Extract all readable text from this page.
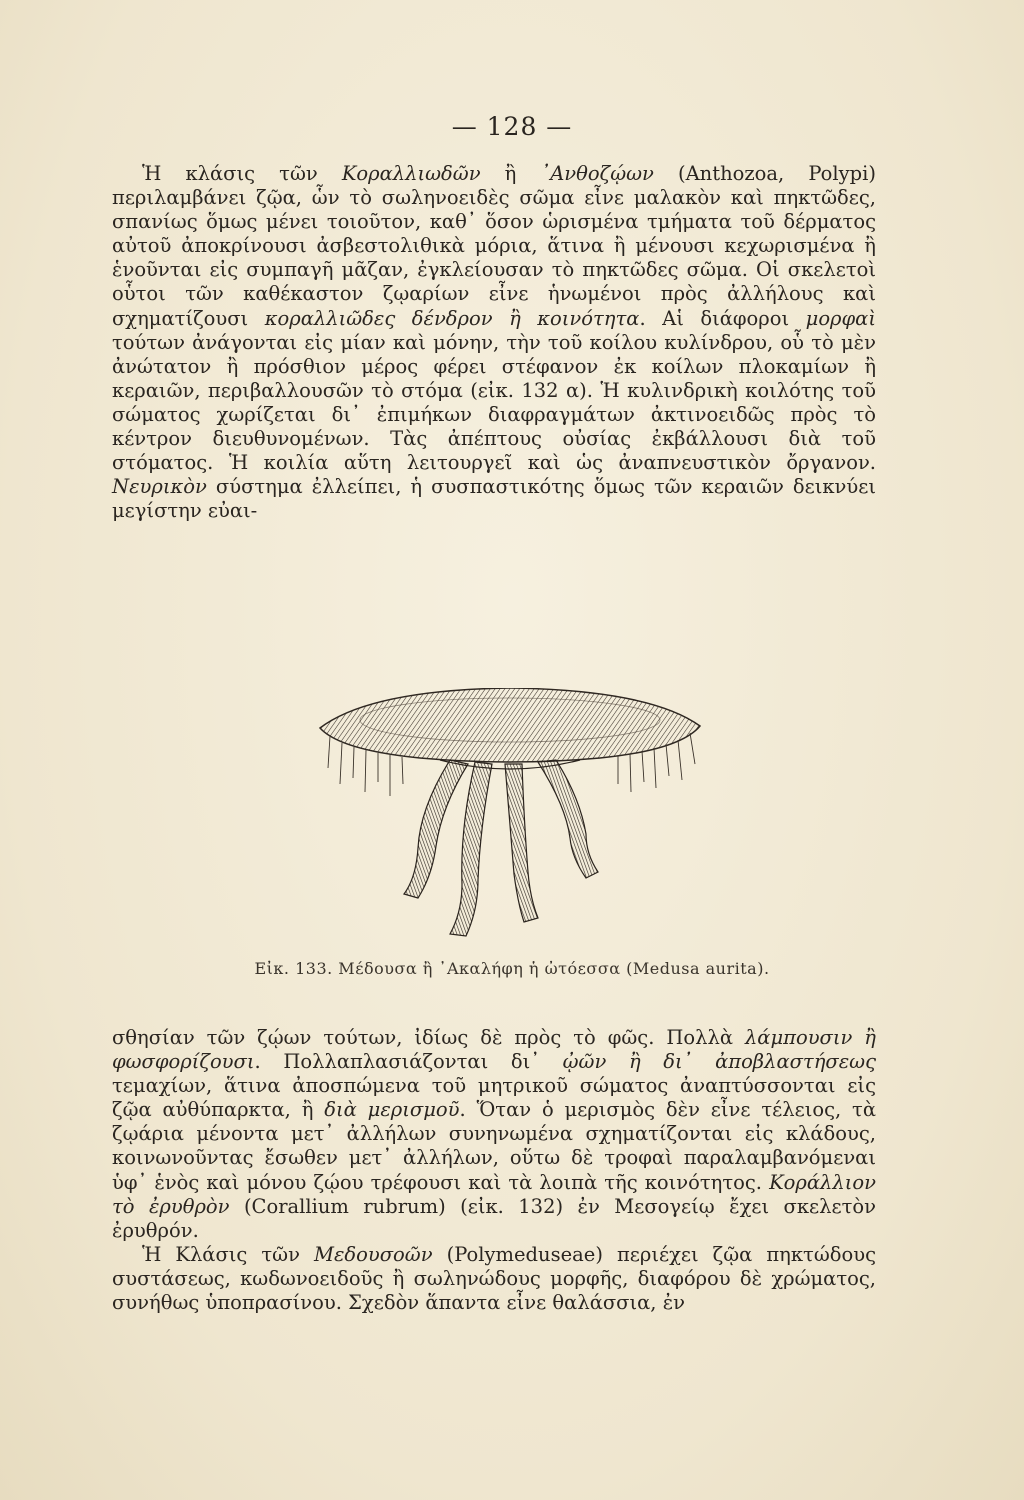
— 128 —

Ἡ κλάσις τῶν Κοραλλιωδῶν ἢ ᾿Ανθοζῴων (Anthozoa, Polypi) περιλαμβάνει ζῷα, ὧν τὸ σωληνοειδὲς σῶμα εἶνε μαλακὸν καὶ πηκτῶδες, σπανίως ὅμως μένει τοιοῦτον, καθ᾿ ὅσον ὡρισμένα τμήματα τοῦ δέρματος αὐτοῦ ἀποκρίνουσι ἀσβεστολιθικὰ μόρια, ἅτινα ἢ μένουσι κεχωρισμένα ἢ ἑνοῦνται εἰς συμπαγῆ μᾶζαν, ἐγκλείουσαν τὸ πηκτῶδες σῶμα. Οἱ σκελετοὶ οὗτοι τῶν καθέκαστον ζῳαρίων εἶνε ἡνωμένοι πρὸς ἀλλήλους καὶ σχηματίζουσι κοραλλιῶδες δένδρον ἢ κοινότητα. Αἱ διάφοροι μορφαὶ τούτων ἀνάγονται εἰς μίαν καὶ μόνην, τὴν τοῦ κοίλου κυλίνδρου, οὗ τὸ μὲν ἀνώτατον ἢ πρόσθιον μέρος φέρει στέφανον ἐκ κοίλων πλοκαμίων ἢ κεραιῶν, περιβαλλουσῶν τὸ στόμα (εἰκ. 132 α). Ἡ κυλινδρικὴ κοιλότης τοῦ σώματος χωρίζεται δι᾿ ἐπιμήκων διαφραγμάτων ἀκτινοειδῶς πρὸς τὸ κέντρον διευθυνομένων. Τὰς ἀπέπτους οὐσίας ἐκβάλλουσι διὰ τοῦ στόματος. Ἡ κοιλία αὕτη λειτουργεῖ καὶ ὡς ἀναπνευστικὸν ὄργανον. Νευρικὸν σύστημα ἐλλείπει, ἡ συσπαστικότης ὅμως τῶν κεραιῶν δεικνύει μεγίστην εὐαι-

Εἰκ. 133. Μέδουσα ἢ ᾿Ακαλήφη ἡ ὠτόεσσα (Medusa aurita).

σθησίαν τῶν ζῴων τούτων, ἰδίως δὲ πρὸς τὸ φῶς. Πολλὰ λάμπουσιν ἢ φωσφορίζουσι. Πολλαπλασιάζονται δι᾿ ᾠῶν ἢ δι᾿ ἀποβλαστήσεως τεμαχίων, ἅτινα ἀποσπώμενα τοῦ μητρικοῦ σώματος ἀναπτύσσονται εἰς ζῷα αὐθύπαρκτα, ἢ διὰ μερισμοῦ. Ὅταν ὁ μερισμὸς δὲν εἶνε τέλειος, τὰ ζῳάρια μένοντα μετ᾿ ἀλλήλων συνηνωμένα σχηματίζονται εἰς κλάδους, κοινωνοῦντας ἔσωθεν μετ᾿ ἀλλήλων, οὕτω δὲ τροφαὶ παραλαμβανόμεναι ὑφ᾿ ἑνὸς καὶ μόνου ζῴου τρέφουσι καὶ τὰ λοιπὰ τῆς κοινότητος. Κοράλλιον τὸ ἐρυθρὸν (Corallium rubrum) (εἰκ. 132) ἐν Μεσογείῳ ἔχει σκελετὸν ἐρυθρόν.

Ἡ Κλάσις τῶν Μεδουσοῶν (Polymeduseae) περιέχει ζῷα πηκτώδους συστάσεως, κωδωνοειδοῦς ἢ σωληνώδους μορφῆς, διαφόρου δὲ χρώματος, συνήθως ὑποπρασίνου. Σχεδὸν ἅπαντα εἶνε θαλάσσια, ἐν
